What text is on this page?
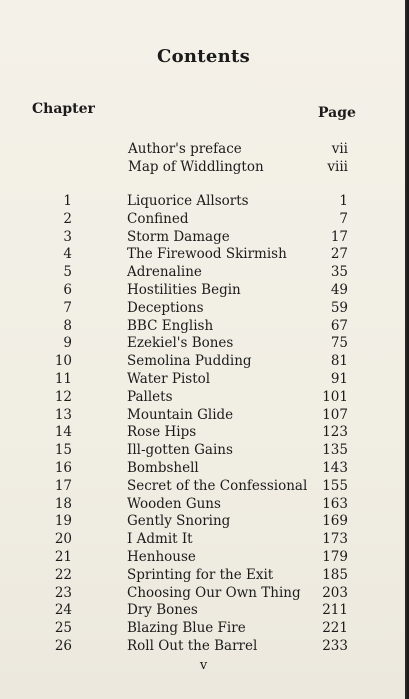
Contents
Chapter	Page
Author's preface	vii
Map of Widdlington	viii
1	Liquorice Allsorts	1
2	Confined	7
3	Storm Damage	17
4	The Firewood Skirmish	27
5	Adrenaline	35
6	Hostilities Begin	49
7	Deceptions	59
8	BBC English	67
9	Ezekiel's Bones	75
10	Semolina Pudding	81
11	Water Pistol	91
12	Pallets	101
13	Mountain Glide	107
14	Rose Hips	123
15	Ill-gotten Gains	135
16	Bombshell	143
17	Secret of the Confessional 155
18	Wooden Guns	163
19	Gently Snoring	169
20	I Admit It	173
21	Henhouse	179
22	Sprinting for the Exit	185
23	Choosing Our Own Thing 203
24	Dry Bones	211
25	Blazing Blue Fire	221
26	Roll Out the Barrel	233
v
